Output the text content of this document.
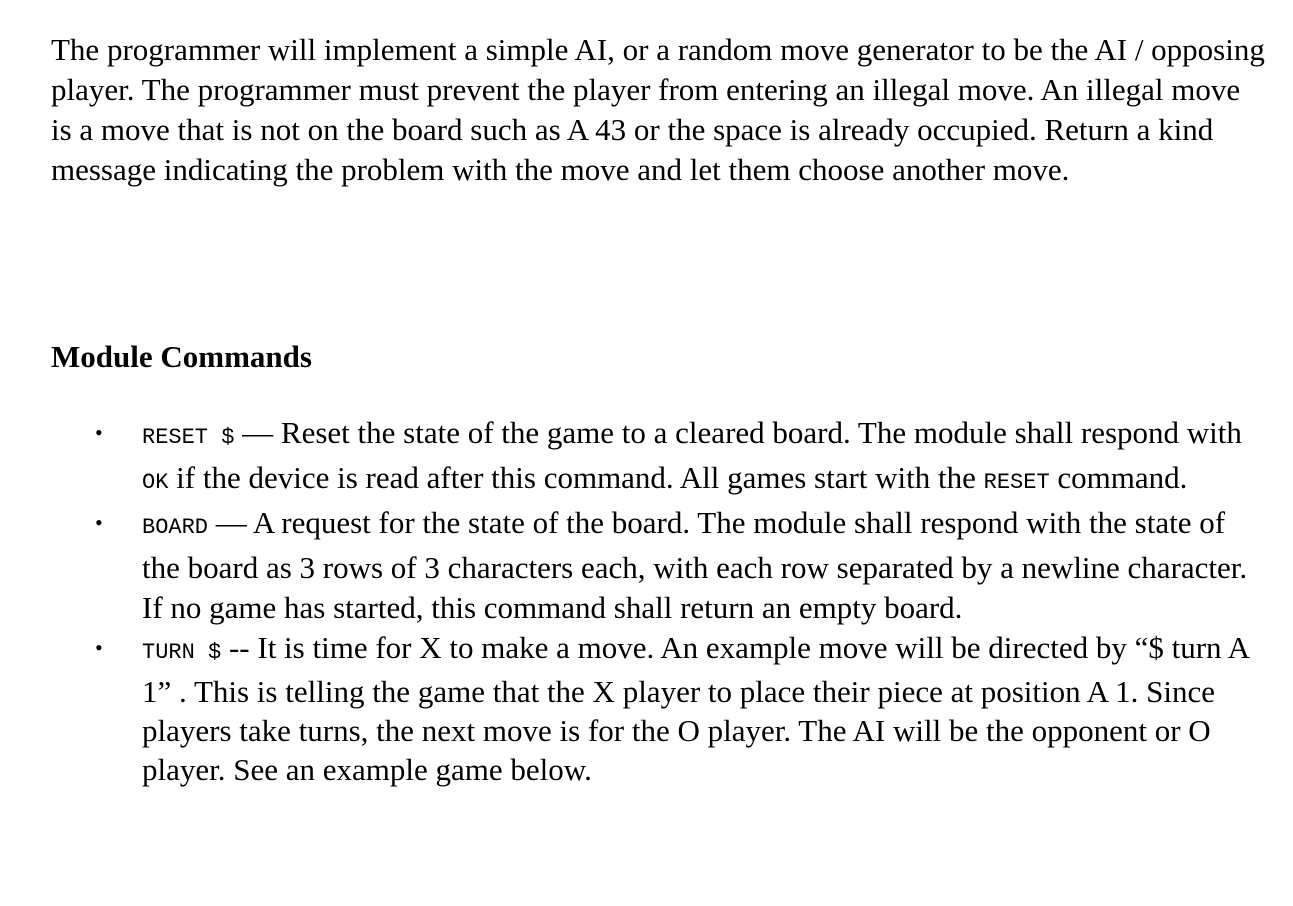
The programmer will implement a simple AI, or a random move generator to be the AI / opposing player. The programmer must prevent the player from entering an illegal move. An illegal move is a move that is not on the board such as A 43 or the space is already occupied. Return a kind message indicating the problem with the move and let them choose another move.

Module Commands
• RESET $ — Reset the state of the game to a cleared board. The module shall respond with OK if the device is read after this command. All games start with the RESET command.
• BOARD — A request for the state of the board. The module shall respond with the state of the board as 3 rows of 3 characters each, with each row separated by a newline character. If no game has started, this command shall return an empty board.
• TURN $ -- It is time for X to make a move. An example move will be directed by “$ turn A 1” . This is telling the game that the X player to place their piece at position A 1. Since players take turns, the next move is for the O player. The AI will be the opponent or O player. See an example game below.
